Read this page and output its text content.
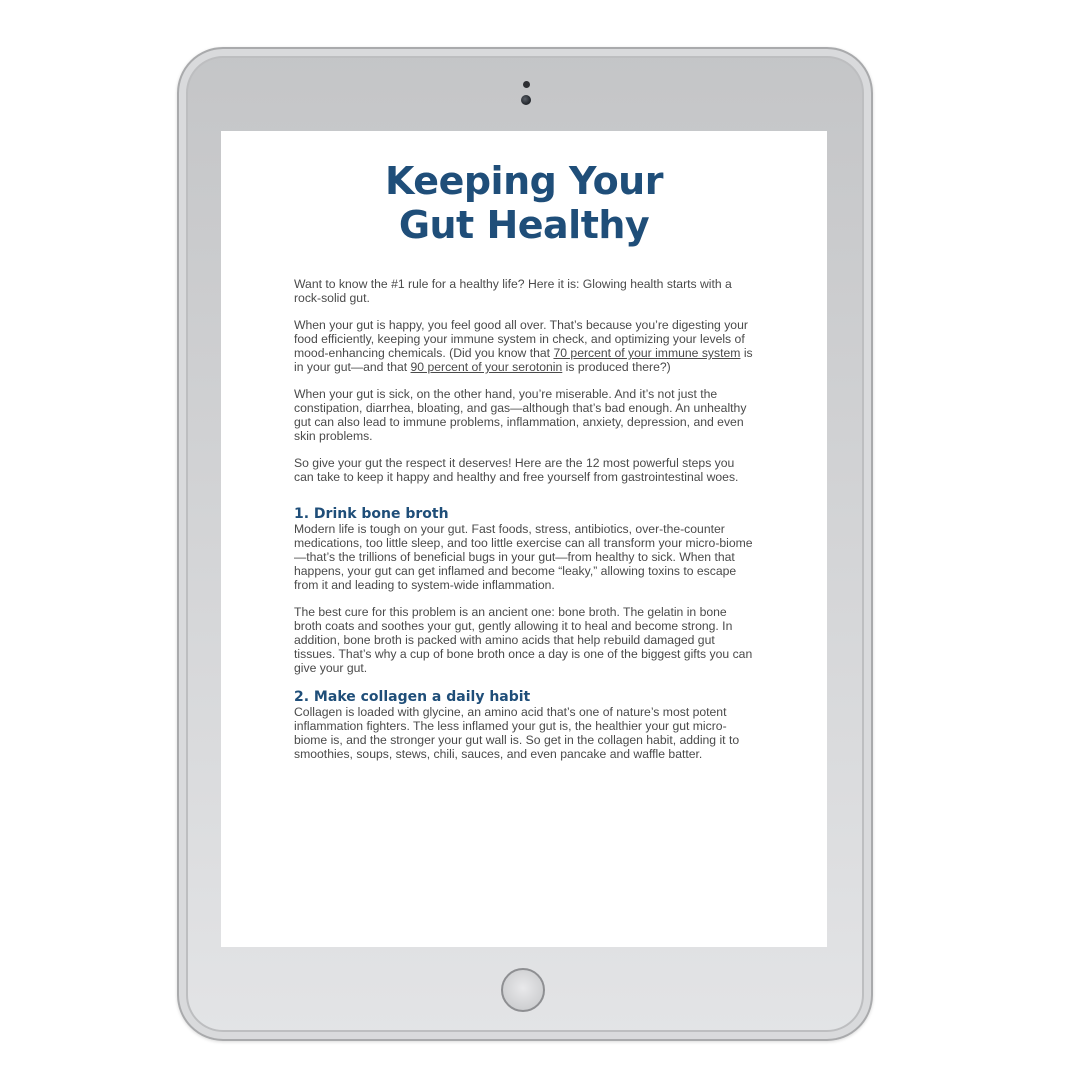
Keeping Your
Gut Healthy

Want to know the #1 rule for a healthy life? Here it is: Glowing health starts with a rock-solid gut.

When your gut is happy, you feel good all over. That’s because you’re digesting your food efficiently, keeping your immune system in check, and optimizing your levels of mood-enhancing chemicals. (Did you know that 70 percent of your immune system is in your gut—and that 90 percent of your serotonin is produced there?)

When your gut is sick, on the other hand, you’re miserable. And it’s not just the constipation, diarrhea, bloating, and gas—although that’s bad enough. An unhealthy gut can also lead to immune problems, inflammation, anxiety, depression, and even skin problems.

So give your gut the respect it deserves! Here are the 12 most powerful steps you can take to keep it happy and healthy and free yourself from gastrointestinal woes.

1. Drink bone broth

Modern life is tough on your gut. Fast foods, stress, antibiotics, over-the-counter medications, too little sleep, and too little exercise can all transform your micro-biome—that’s the trillions of beneficial bugs in your gut—from healthy to sick. When that happens, your gut can get inflamed and become “leaky,” allowing toxins to escape from it and leading to system-wide inflammation.

The best cure for this problem is an ancient one: bone broth. The gelatin in bone broth coats and soothes your gut, gently allowing it to heal and become strong. In addition, bone broth is packed with amino acids that help rebuild damaged gut tissues. That’s why a cup of bone broth once a day is one of the biggest gifts you can give your gut.

2. Make collagen a daily habit

Collagen is loaded with glycine, an amino acid that’s one of nature’s most potent inflammation fighters. The less inflamed your gut is, the healthier your gut micro-biome is, and the stronger your gut wall is. So get in the collagen habit, adding it to smoothies, soups, stews, chili, sauces, and even pancake and waffle batter.
